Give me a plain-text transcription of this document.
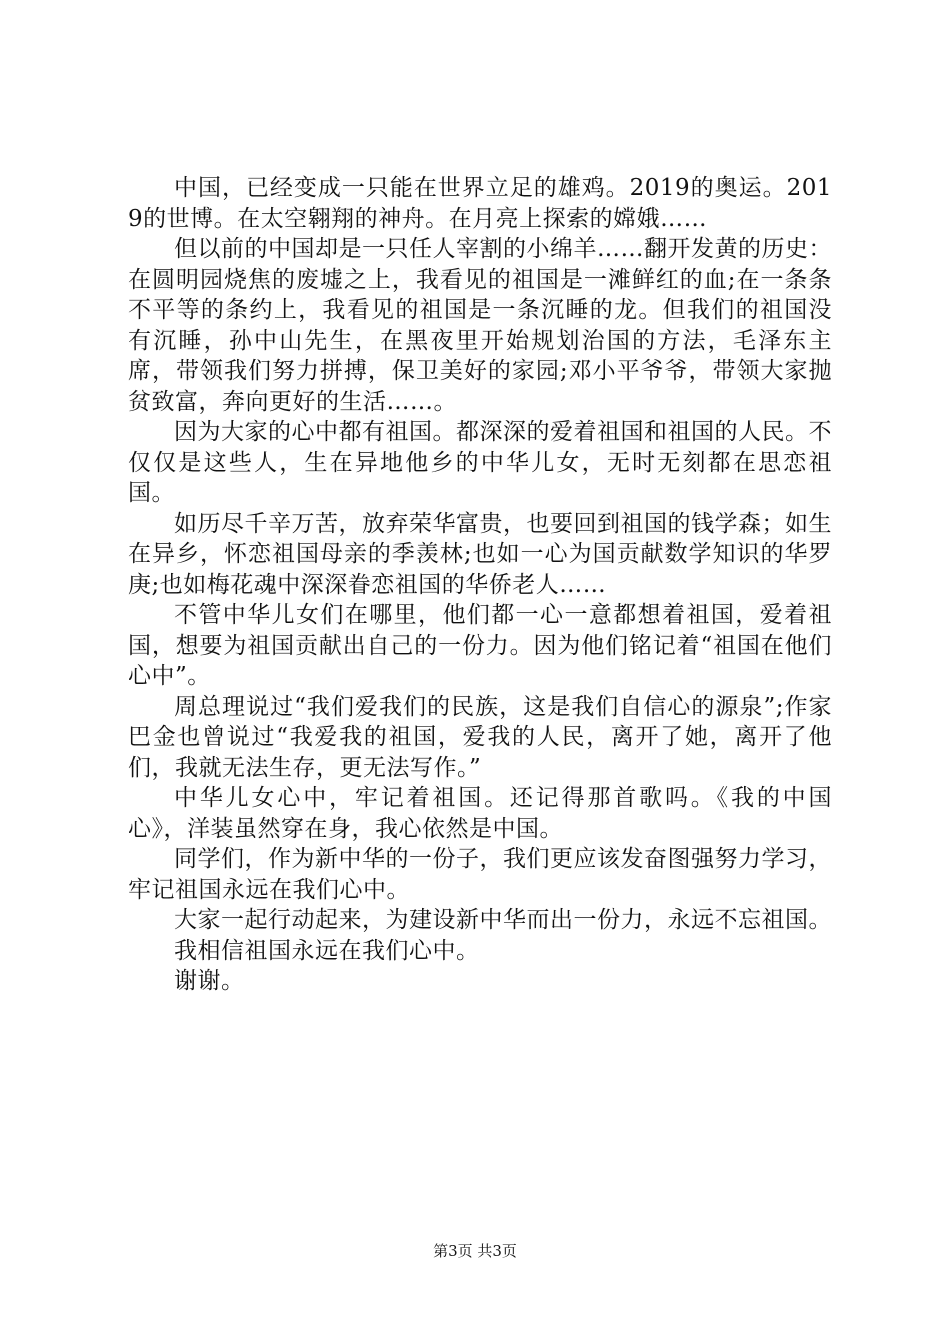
中国，已经变成一只能在世界立足的雄鸡。2019的奥运。2019的世博。在太空翱翔的神舟。在月亮上探索的嫦娥……

但以前的中国却是一只任人宰割的小绵羊……翻开发黄的历史：在圆明园烧焦的废墟之上，我看见的祖国是一滩鲜红的血;在一条条不平等的条约上，我看见的祖国是一条沉睡的龙。但我们的祖国没有沉睡，孙中山先生，在黑夜里开始规划治国的方法，毛泽东主席，带领我们努力拼搏，保卫美好的家园;邓小平爷爷，带领大家抛贫致富，奔向更好的生活……。

因为大家的心中都有祖国。都深深的爱着祖国和祖国的人民。不仅仅是这些人，生在异地他乡的中华儿女，无时无刻都在思恋祖国。

如历尽千辛万苦，放弃荣华富贵，也要回到祖国的钱学森；如生在异乡，怀恋祖国母亲的季羡林;也如一心为国贡献数学知识的华罗庚;也如梅花魂中深深眷恋祖国的华侨老人……

不管中华儿女们在哪里，他们都一心一意都想着祖国，爱着祖国，想要为祖国贡献出自己的一份力。因为他们铭记着“祖国在他们心中”。

周总理说过“我们爱我们的民族，这是我们自信心的源泉”;作家巴金也曾说过“我爱我的祖国，爱我的人民，离开了她，离开了他们，我就无法生存，更无法写作。”

中华儿女心中，牢记着祖国。还记得那首歌吗。《我的中国心》，洋装虽然穿在身，我心依然是中国。

同学们，作为新中华的一份子，我们更应该发奋图强努力学习，牢记祖国永远在我们心中。

大家一起行动起来，为建设新中华而出一份力，永远不忘祖国。

我相信祖国永远在我们心中。

谢谢。

第3页 共3页
